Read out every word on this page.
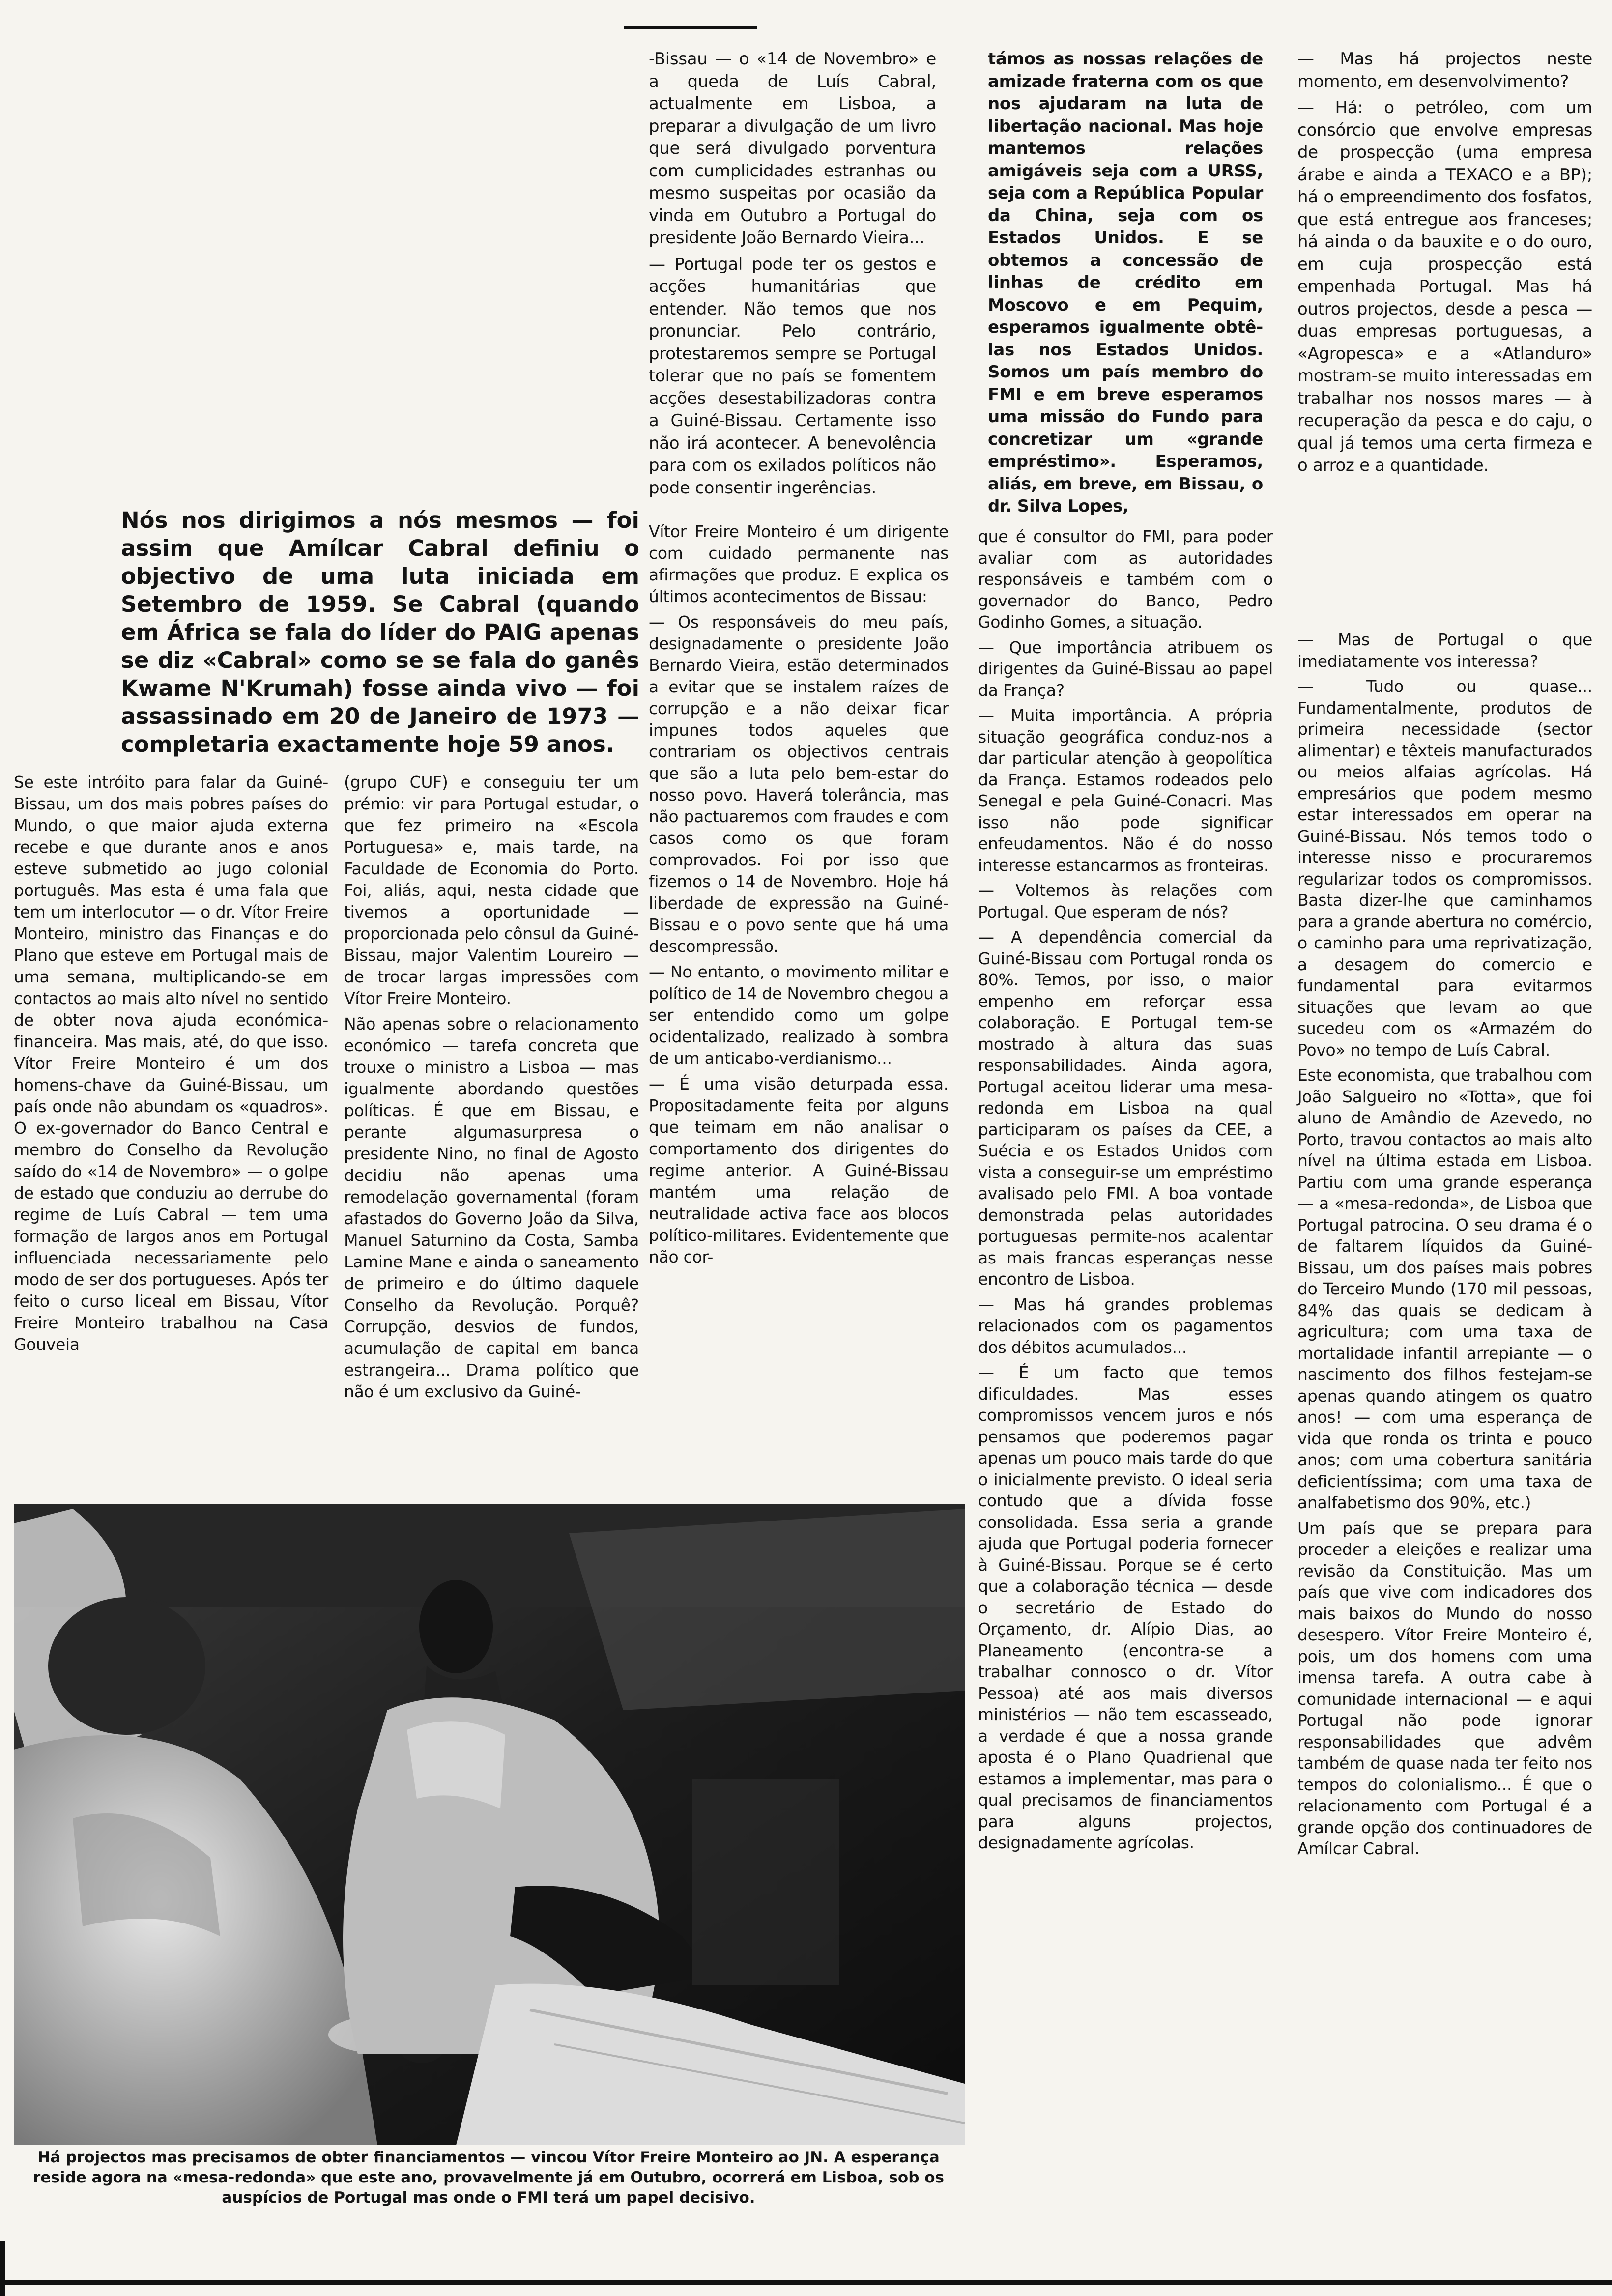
-Bissau — o «14 de Novembro» e a queda de Luís Cabral, actualmente em Lisboa, a preparar a divulgação de um livro que será divulgado porventura com cumplicidades estranhas ou mesmo suspeitas por ocasião da vinda em Outubro a Portugal do presidente João Bernardo Vieira...

— Portugal pode ter os gestos e acções humanitárias que entender. Não temos que nos pronunciar. Pelo contrário, protestaremos sempre se Portugal tolerar que no país se fomentem acções desestabilizadoras contra a Guiné-Bissau. Certamente isso não irá acontecer. A benevolência para com os exilados políticos não pode consentir ingerências.

támos as nossas relações de amizade fraterna com os que nos ajudaram na luta de libertação nacional. Mas hoje mantemos relações amigáveis seja com a URSS, seja com a República Popular da China, seja com os Estados Unidos. E se obtemos a concessão de linhas de crédito em Moscovo e em Pequim, esperamos igualmente obtê-las nos Estados Unidos. Somos um país membro do FMI e em breve esperamos uma missão do Fundo para concretizar um «grande empréstimo». Esperamos, aliás, em breve, em Bissau, o dr. Silva Lopes,

— Mas há projectos neste momento, em desenvolvimento?

— Há: o petróleo, com um consórcio que envolve empresas de prospecção (uma empresa árabe e ainda a TEXACO e a BP); há o empreendimento dos fosfatos, que está entregue aos franceses; há ainda o da bauxite e o do ouro, em cuja prospecção está empenhada Portugal. Mas há outros projectos, desde a pesca — duas empresas portuguesas, a «Agropesca» e a «Atlanduro» mostram-se muito interessadas em trabalhar nos nossos mares — à recuperação da pesca e do caju, o qual já temos uma certa firmeza e o arroz e a quantidade.

Nós nos dirigimos a nós mesmos — foi assim que Amílcar Cabral definiu o objectivo de uma luta iniciada em Setembro de 1959. Se Cabral (quando em África se fala do líder do PAIG apenas se diz «Cabral» como se se fala do ganês Kwame N'Krumah) fosse ainda vivo — foi assassinado em 20 de Janeiro de 1973 — completaria exactamente hoje 59 anos.

Se este intróito para falar da Guiné-Bissau, um dos mais pobres países do Mundo, o que maior ajuda externa recebe e que durante anos e anos esteve submetido ao jugo colonial português. Mas esta é uma fala que tem um interlocutor — o dr. Vítor Freire Monteiro, ministro das Finanças e do Plano que esteve em Portugal mais de uma semana, multiplicando-se em contactos ao mais alto nível no sentido de obter nova ajuda económica-financeira. Mas mais, até, do que isso. Vítor Freire Monteiro é um dos homens-chave da Guiné-Bissau, um país onde não abundam os «quadros». O ex-governador do Banco Central e membro do Conselho da Revolução saído do «14 de Novembro» — o golpe de estado que conduziu ao derrube do regime de Luís Cabral — tem uma formação de largos anos em Portugal influenciada necessariamente pelo modo de ser dos portugueses. Após ter feito o curso liceal em Bissau, Vítor Freire Monteiro trabalhou na Casa Gouveia

(grupo CUF) e conseguiu ter um prémio: vir para Portugal estudar, o que fez primeiro na «Escola Portuguesa» e, mais tarde, na Faculdade de Economia do Porto. Foi, aliás, aqui, nesta cidade que tivemos a oportunidade — proporcionada pelo cônsul da Guiné-Bissau, major Valentim Loureiro — de trocar largas impressões com Vítor Freire Monteiro.

Não apenas sobre o relacionamento económico — tarefa concreta que trouxe o ministro a Lisboa — mas igualmente abordando questões políticas. É que em Bissau, e perante algumasurpresa o presidente Nino, no final de Agosto decidiu não apenas uma remodelação governamental (foram afastados do Governo João da Silva, Manuel Saturnino da Costa, Samba Lamine Mane e ainda o saneamento de primeiro e do último daquele Conselho da Revolução. Porquê? Corrupção, desvios de fundos, acumulação de capital em banca estrangeira... Drama político que não é um exclusivo da Guiné-

Vítor Freire Monteiro é um dirigente com cuidado permanente nas afirmações que produz. E explica os últimos acontecimentos de Bissau:

— Os responsáveis do meu país, designadamente o presidente João Bernardo Vieira, estão determinados a evitar que se instalem raízes de corrupção e a não deixar ficar impunes todos aqueles que contrariam os objectivos centrais que são a luta pelo bem-estar do nosso povo. Haverá tolerância, mas não pactuaremos com fraudes e com casos como os que foram comprovados. Foi por isso que fizemos o 14 de Novembro. Hoje há liberdade de expressão na Guiné-Bissau e o povo sente que há uma descompressão.

— No entanto, o movimento militar e político de 14 de Novembro chegou a ser entendido como um golpe ocidentalizado, realizado à sombra de um anticabo-verdianismo...

— É uma visão deturpada essa. Propositadamente feita por alguns que teimam em não analisar o comportamento dos dirigentes do regime anterior. A Guiné-Bissau mantém uma relação de neutralidade activa face aos blocos político-militares. Evidentemente que não cor-

que é consultor do FMI, para poder avaliar com as autoridades responsáveis e também com o governador do Banco, Pedro Godinho Gomes, a situação.

— Que importância atribuem os dirigentes da Guiné-Bissau ao papel da França?

— Muita importância. A própria situação geográfica conduz-nos a dar particular atenção à geopolítica da França. Estamos rodeados pelo Senegal e pela Guiné-Conacri. Mas isso não pode significar enfeudamentos. Não é do nosso interesse estancarmos as fronteiras.

— Voltemos às relações com Portugal. Que esperam de nós?

— A dependência comercial da Guiné-Bissau com Portugal ronda os 80%. Temos, por isso, o maior empenho em reforçar essa colaboração. E Portugal tem-se mostrado à altura das suas responsabilidades. Ainda agora, Portugal aceitou liderar uma mesa-redonda em Lisboa na qual participaram os países da CEE, a Suécia e os Estados Unidos com vista a conseguir-se um empréstimo avalisado pelo FMI. A boa vontade demonstrada pelas autoridades portuguesas permite-nos acalentar as mais francas esperanças nesse encontro de Lisboa.

— Mas há grandes problemas relacionados com os pagamentos dos débitos acumulados...

— É um facto que temos dificuldades. Mas esses compromissos vencem juros e nós pensamos que poderemos pagar apenas um pouco mais tarde do que o inicialmente previsto. O ideal seria contudo que a dívida fosse consolidada. Essa seria a grande ajuda que Portugal poderia fornecer à Guiné-Bissau. Porque se é certo que a colaboração técnica — desde o secretário de Estado do Orçamento, dr. Alípio Dias, ao Planeamento (encontra-se a trabalhar connosco o dr. Vítor Pessoa) até aos mais diversos ministérios — não tem escasseado, a verdade é que a nossa grande aposta é o Plano Quadrienal que estamos a implementar, mas para o qual precisamos de financiamentos para alguns projectos, designadamente agrícolas.

— Mas de Portugal o que imediatamente vos interessa?

— Tudo ou quase... Fundamentalmente, produtos de primeira necessidade (sector alimentar) e têxteis manufacturados ou meios alfaias agrícolas. Há empresários que podem mesmo estar interessados em operar na Guiné-Bissau. Nós temos todo o interesse nisso e procuraremos regularizar todos os compromissos. Basta dizer-lhe que caminhamos para a grande abertura no comércio, o caminho para uma reprivatização, a desagem do comercio e fundamental para evitarmos situações que levam ao que sucedeu com os «Armazém do Povo» no tempo de Luís Cabral.

Este economista, que trabalhou com João Salgueiro no «Totta», que foi aluno de Amândio de Azevedo, no Porto, travou contactos ao mais alto nível na última estada em Lisboa. Partiu com uma grande esperança — a «mesa-redonda», de Lisboa que Portugal patrocina. O seu drama é o de faltarem líquidos da Guiné-Bissau, um dos países mais pobres do Terceiro Mundo (170 mil pessoas, 84% das quais se dedicam à agricultura; com uma taxa de mortalidade infantil arrepiante — o nascimento dos filhos festejam-se apenas quando atingem os quatro anos! — com uma esperança de vida que ronda os trinta e pouco anos; com uma cobertura sanitária deficientíssima; com uma taxa de analfabetismo dos 90%, etc.)

Um país que se prepara para proceder a eleições e realizar uma revisão da Constituição. Mas um país que vive com indicadores dos mais baixos do Mundo do nosso desespero. Vítor Freire Monteiro é, pois, um dos homens com uma imensa tarefa. A outra cabe à comunidade internacional — e aqui Portugal não pode ignorar responsabilidades que advêm também de quase nada ter feito nos tempos do colonialismo... É que o relacionamento com Portugal é a grande opção dos continuadores de Amílcar Cabral.

Há projectos mas precisamos de obter financiamentos — vincou Vítor Freire Monteiro ao JN. A esperança reside agora na «mesa-redonda» que este ano, provavelmente já em Outubro, ocorrerá em Lisboa, sob os auspícios de Portugal mas onde o FMI terá um papel decisivo.
